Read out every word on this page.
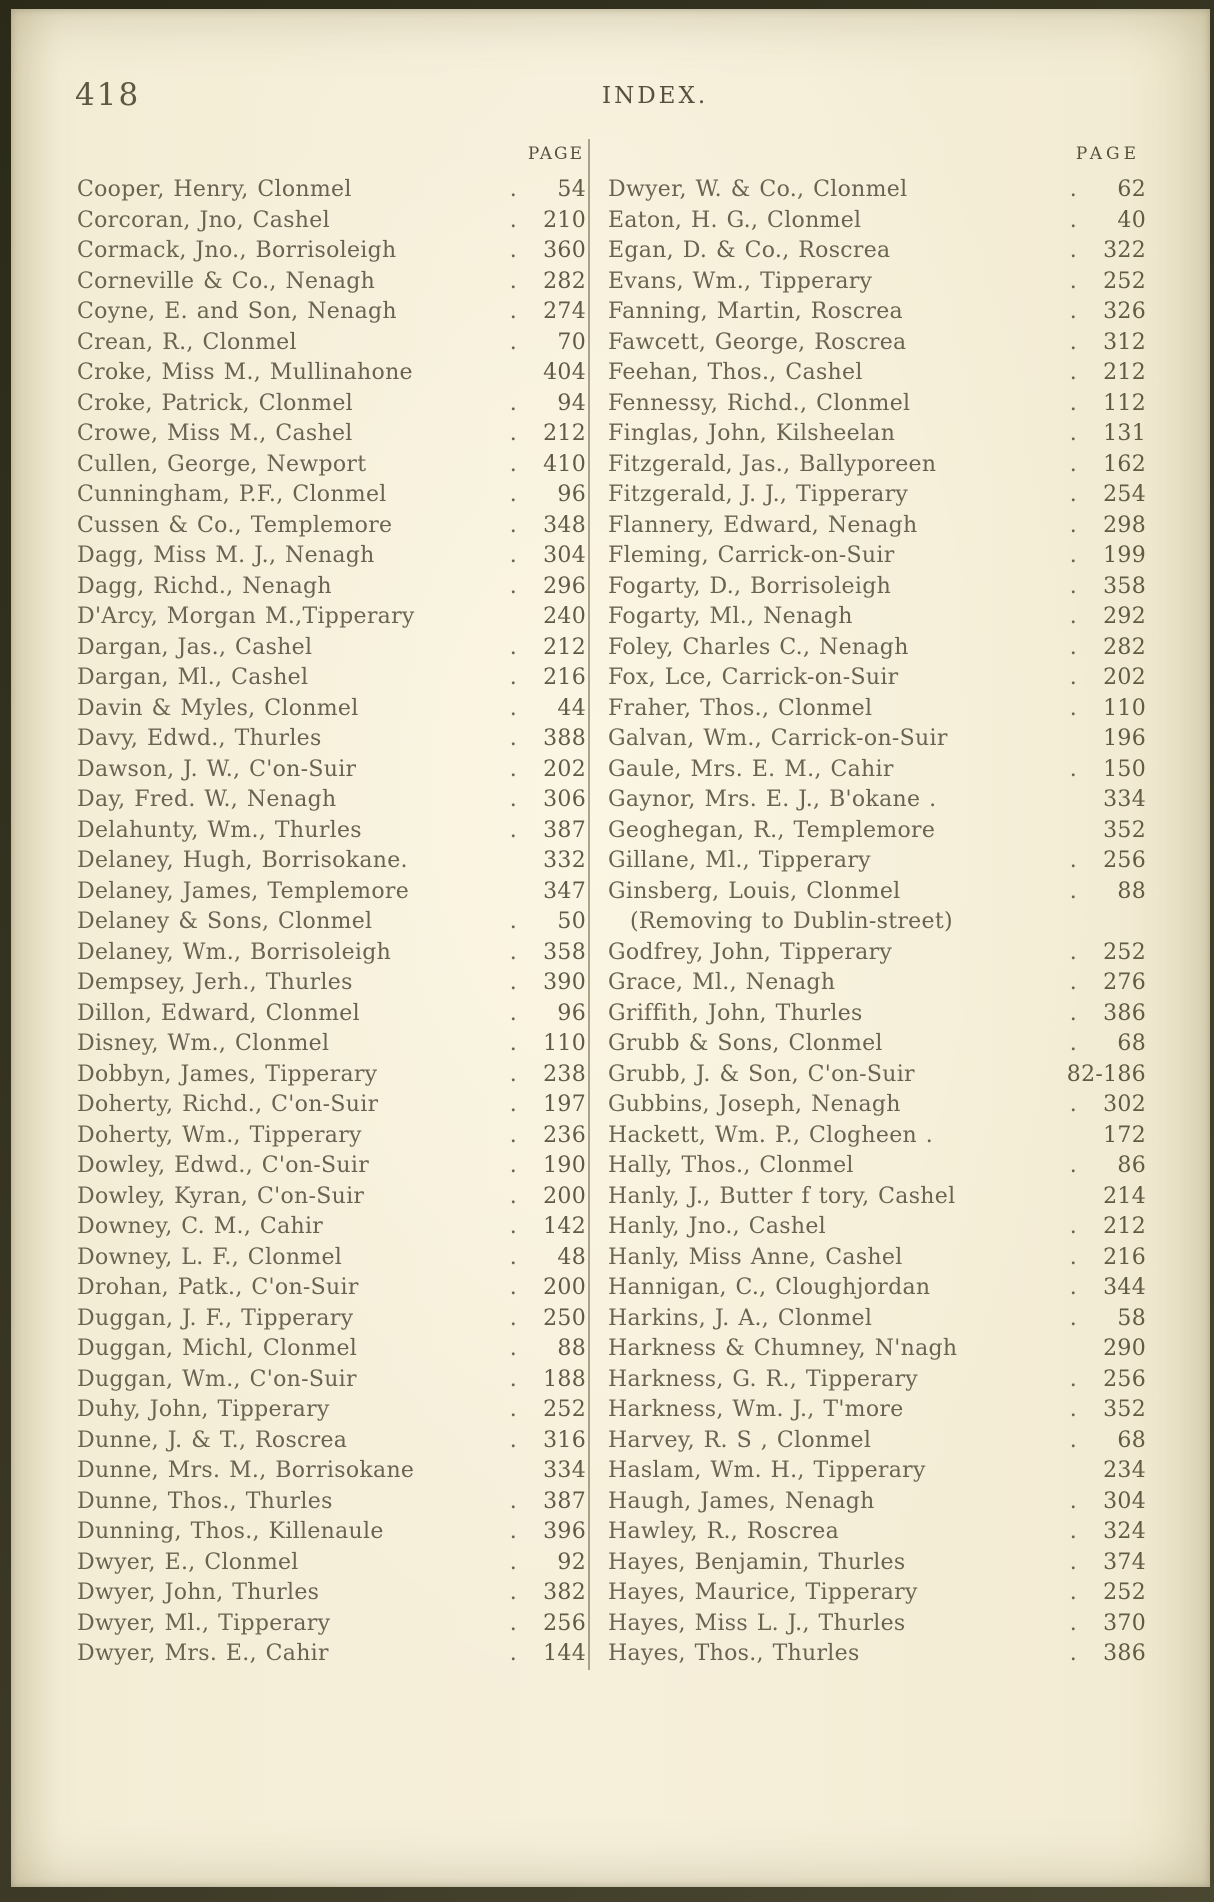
418	INDEX.
PAGE
Cooper, Henry, Clonmel	.	54
Corcoran, Jno, Cashel	.	210
Cormack, Jno., Borrisoleigh	.	360
Corneville & Co., Nenagh	.	282
Coyne, E. and Son, Nenagh	.	274
Crean, R., Clonmel	.	70
Croke, Miss M., Mullinahone	404
Croke, Patrick, Clonmel	.	94
Crowe, Miss M., Cashel	.	212
Cullen, George, Newport	.	410
Cunningham, P.F., Clonmel	.	96
Cussen & Co., Templemore	.	348
Dagg, Miss M. J., Nenagh	.	304
Dagg, Richd., Nenagh	.	296
D'Arcy, Morgan M.,Tipperary	240
Dargan, Jas., Cashel	.	212
Dargan, Ml., Cashel	.	216
Davin & Myles, Clonmel	.	44
Davy, Edwd., Thurles	.	388
Dawson, J. W., C'on-Suir	.	202
Day, Fred. W., Nenagh	.	306
Delahunty, Wm., Thurles	.	387
Delaney, Hugh, Borrisokane.	332
Delaney, James, Templemore	347
Delaney & Sons, Clonmel	.	50
Delaney, Wm., Borrisoleigh	.	358
Dempsey, Jerh., Thurles	.	390
Dillon, Edward, Clonmel	.	96
Disney, Wm., Clonmel	.	110
Dobbyn, James, Tipperary	.	238
Doherty, Richd., C'on-Suir	.	197
Doherty, Wm., Tipperary	.	236
Dowley, Edwd., C'on-Suir	.	190
Dowley, Kyran, C'on-Suir	.	200
Downey, C. M., Cahir	.	142
Downey, L. F., Clonmel	.	48
Drohan, Patk., C'on-Suir	.	200
Duggan, J. F., Tipperary	.	250
Duggan, Michl, Clonmel	.	88
Duggan, Wm., C'on-Suir	.	188
Duhy, John, Tipperary	.	252
Dunne, J. & T., Roscrea	.	316
Dunne, Mrs. M., Borrisokane	334
Dunne, Thos., Thurles	.	387
Dunning, Thos., Killenaule	.	396
Dwyer, E., Clonmel	.	92
Dwyer, John, Thurles	.	382
Dwyer, Ml., Tipperary	.	256
Dwyer, Mrs. E., Cahir	.	144
PAGE
Dwyer, W. & Co., Clonmel	.	62
Eaton, H. G., Clonmel	.	40
Egan, D. & Co., Roscrea	.	322
Evans, Wm., Tipperary	.	252
Fanning, Martin, Roscrea	.	326
Fawcett, George, Roscrea	.	312
Feehan, Thos., Cashel	.	212
Fennessy, Richd., Clonmel	.	112
Finglas, John, Kilsheelan	.	131
Fitzgerald, Jas., Ballyporeen	.	162
Fitzgerald, J. J., Tipperary	.	254
Flannery, Edward, Nenagh	.	298
Fleming, Carrick-on-Suir	.	199
Fogarty, D., Borrisoleigh	.	358
Fogarty, Ml., Nenagh	.	292
Foley, Charles C., Nenagh	.	282
Fox, Lce, Carrick-on-Suir	.	202
Fraher, Thos., Clonmel	.	110
Galvan, Wm., Carrick-on-Suir	196
Gaule, Mrs. E. M., Cahir	.	150
Gaynor, Mrs. E. J., B'okane .	334
Geoghegan, R., Templemore	352
Gillane, Ml., Tipperary	.	256
Ginsberg, Louis, Clonmel	.	88
(Removing to Dublin-street)
Godfrey, John, Tipperary	.	252
Grace, Ml., Nenagh	.	276
Griffith, John, Thurles	.	386
Grubb & Sons, Clonmel	.	68
Grubb, J. & Son, C'on-Suir	82-186
Gubbins, Joseph, Nenagh	.	302
Hackett, Wm. P., Clogheen .	172
Hally, Thos., Clonmel	.	86
Hanly, J., Butter f tory, Cashel	214
Hanly, Jno., Cashel	.	212
Hanly, Miss Anne, Cashel	.	216
Hannigan, C., Cloughjordan	.	344
Harkins, J. A., Clonmel	.	58
Harkness & Chumney, N'nagh	290
Harkness, G. R., Tipperary	.	256
Harkness, Wm. J., T'more	.	352
Harvey, R. S , Clonmel	.	68
Haslam, Wm. H., Tipperary	234
Haugh, James, Nenagh	.	304
Hawley, R., Roscrea	.	324
Hayes, Benjamin, Thurles	.	374
Hayes, Maurice, Tipperary	.	252
Hayes, Miss L. J., Thurles	.	370
Hayes, Thos., Thurles	.	386
